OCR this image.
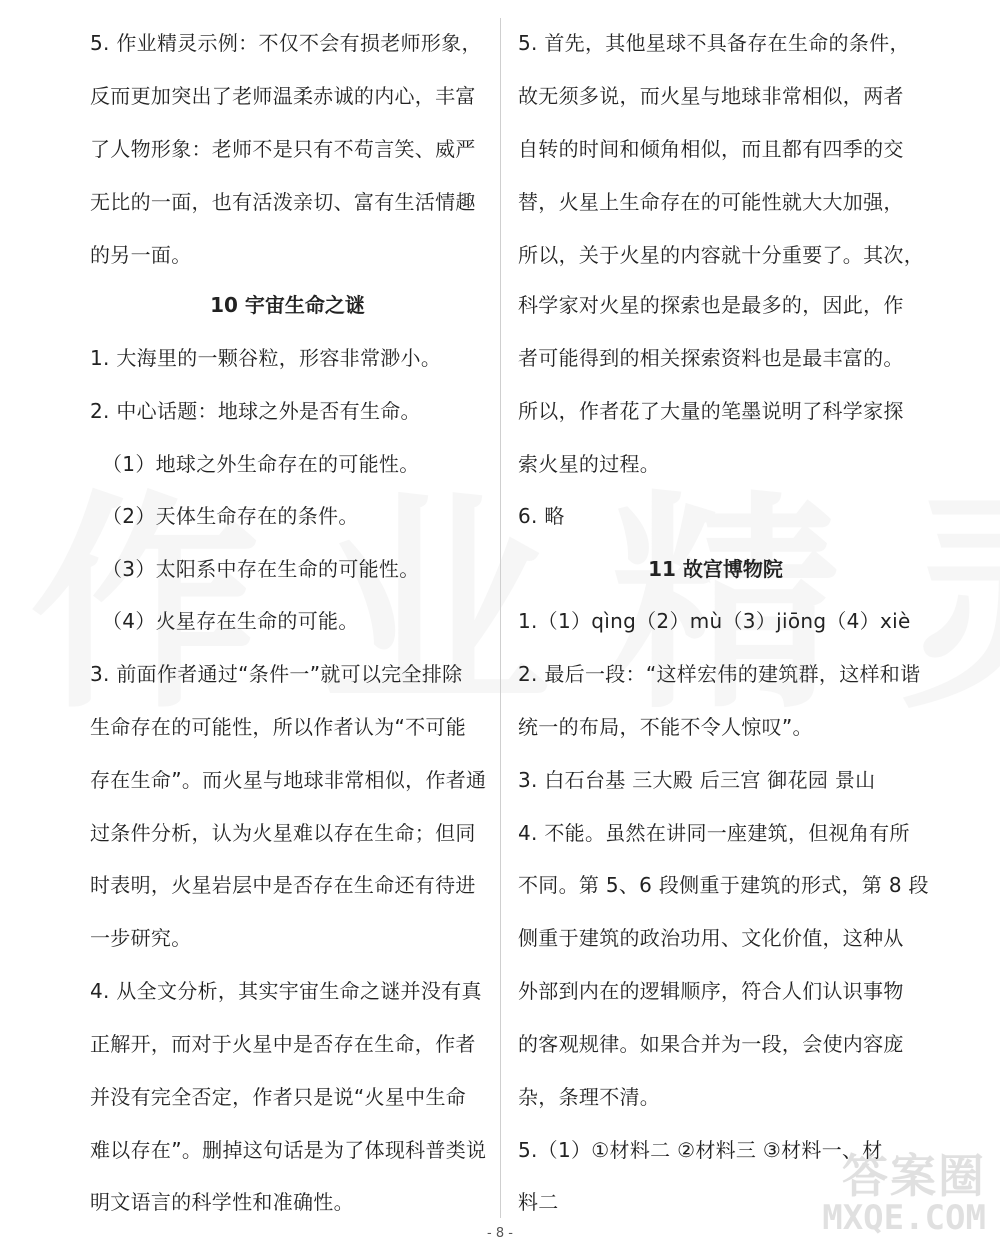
5. 作业精灵示例：不仅不会有损老师形象，
反而更加突出了老师温柔赤诚的内心，丰富
了人物形象：老师不是只有不苟言笑、威严
无比的一面，也有活泼亲切、富有生活情趣
的另一面。
10 宇宙生命之谜
1. 大海里的一颗谷粒，形容非常渺小。
2. 中心话题：地球之外是否有生命。
（1）地球之外生命存在的可能性。
（2）天体生命存在的条件。
（3）太阳系中存在生命的可能性。
（4）火星存在生命的可能。
3. 前面作者通过“条件一”就可以完全排除
生命存在的可能性，所以作者认为“不可能
存在生命”。而火星与地球非常相似，作者通
过条件分析，认为火星难以存在生命；但同
时表明，火星岩层中是否存在生命还有待进
一步研究。
4. 从全文分析，其实宇宙生命之谜并没有真
正解开，而对于火星中是否存在生命，作者
并没有完全否定，作者只是说“火星中生命
难以存在”。删掉这句话是为了体现科普类说
明文语言的科学性和准确性。
5. 首先，其他星球不具备存在生命的条件，
故无须多说，而火星与地球非常相似，两者
自转的时间和倾角相似，而且都有四季的交
替，火星上生命存在的可能性就大大加强，
所以，关于火星的内容就十分重要了。其次，
科学家对火星的探索也是最多的，因此，作
者可能得到的相关探索资料也是最丰富的。
所以，作者花了大量的笔墨说明了科学家探
索火星的过程。
6. 略
11 故宫博物院
1.（1）qìng（2）mù（3）jiōng（4）xiè
2. 最后一段：“这样宏伟的建筑群，这样和谐
统一的布局，不能不令人惊叹”。
3. 白石台基 三大殿 后三宫 御花园 景山
4. 不能。虽然在讲同一座建筑，但视角有所
不同。第 5、6 段侧重于建筑的形式，第 8 段
侧重于建筑的政治功用、文化价值，这种从
外部到内在的逻辑顺序，符合人们认识事物
的客观规律。如果合并为一段，会使内容庞
杂，条理不清。
5.（1）①材料二 ②材料三 ③材料一、材
料二	答案圈
MXQE.COM
- 8 -
